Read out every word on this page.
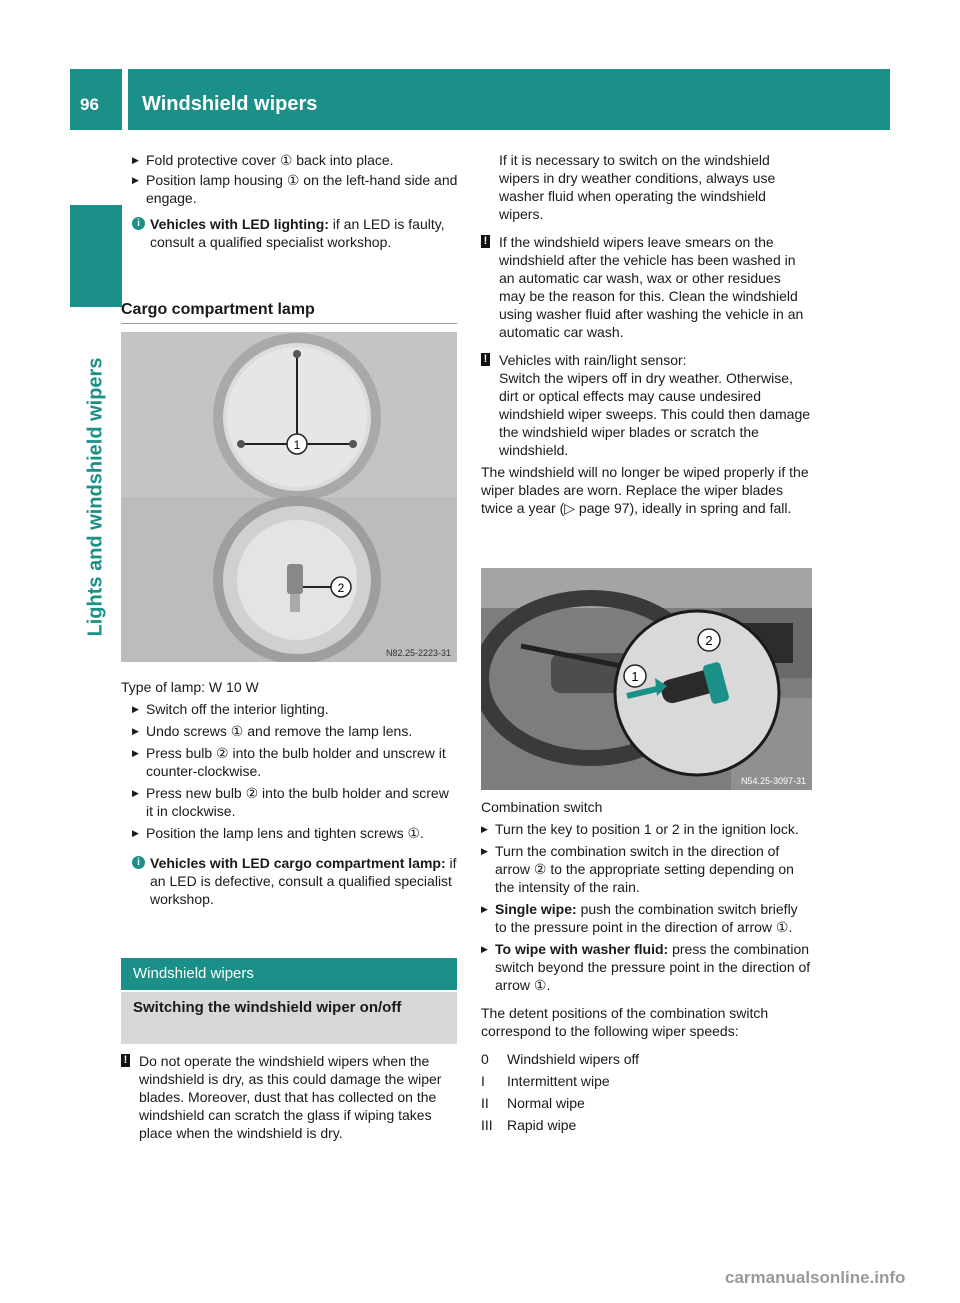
96 Windshield wipers
Lights and windshield wipers

▶ Fold protective cover ① back into place.

▶ Position lamp housing ① on the left-hand side and engage.

i Vehicles with LED lighting: if an LED is faulty, consult a qualified specialist workshop.

Cargo compartment lamp
1
2
N82.25-2223-31

Type of lamp: W 10 W

▶ Switch off the interior lighting.

▶ Undo screws ① and remove the lamp lens.

▶ Press bulb ② into the bulb holder and unscrew it counter-clockwise.

▶ Press new bulb ② into the bulb holder and screw it in clockwise.

▶ Position the lamp lens and tighten screws ①.

i Vehicles with LED cargo compartment lamp: if an LED is defective, consult a qualified specialist workshop.

Windshield wipers
Switching the windshield wiper on/off

! Do not operate the windshield wipers when the windshield is dry, as this could damage the wiper blades. Moreover, dust that has collected on the windshield can scratch the glass if wiping takes place when the windshield is dry.

If it is necessary to switch on the windshield wipers in dry weather conditions, always use washer fluid when operating the windshield wipers.

! If the windshield wipers leave smears on the windshield after the vehicle has been washed in an automatic car wash, wax or other residues may be the reason for this. Clean the windshield using washer fluid after washing the vehicle in an automatic car wash.

! Vehicles with rain/light sensor:
Switch the wipers off in dry weather. Otherwise, dirt or optical effects may cause undesired windshield wiper sweeps. This could then damage the windshield wiper blades or scratch the windshield.

The windshield will no longer be wiped properly if the wiper blades are worn. Replace the wiper blades twice a year (▷ page 97), ideally in spring and fall.

1
2
N54.25-3097-31

Combination switch

▶ Turn the key to position 1 or 2 in the ignition lock.

▶ Turn the combination switch in the direction of arrow ② to the appropriate setting depending on the intensity of the rain.

▶ Single wipe: push the combination switch briefly to the pressure point in the direction of arrow ①.

▶ To wipe with washer fluid: press the combination switch beyond the pressure point in the direction of arrow ①.

The detent positions of the combination switch correspond to the following wiper speeds:

0 Windshield wipers off
I Intermittent wipe
II Normal wipe
III Rapid wipe
carmanualsonline.info
